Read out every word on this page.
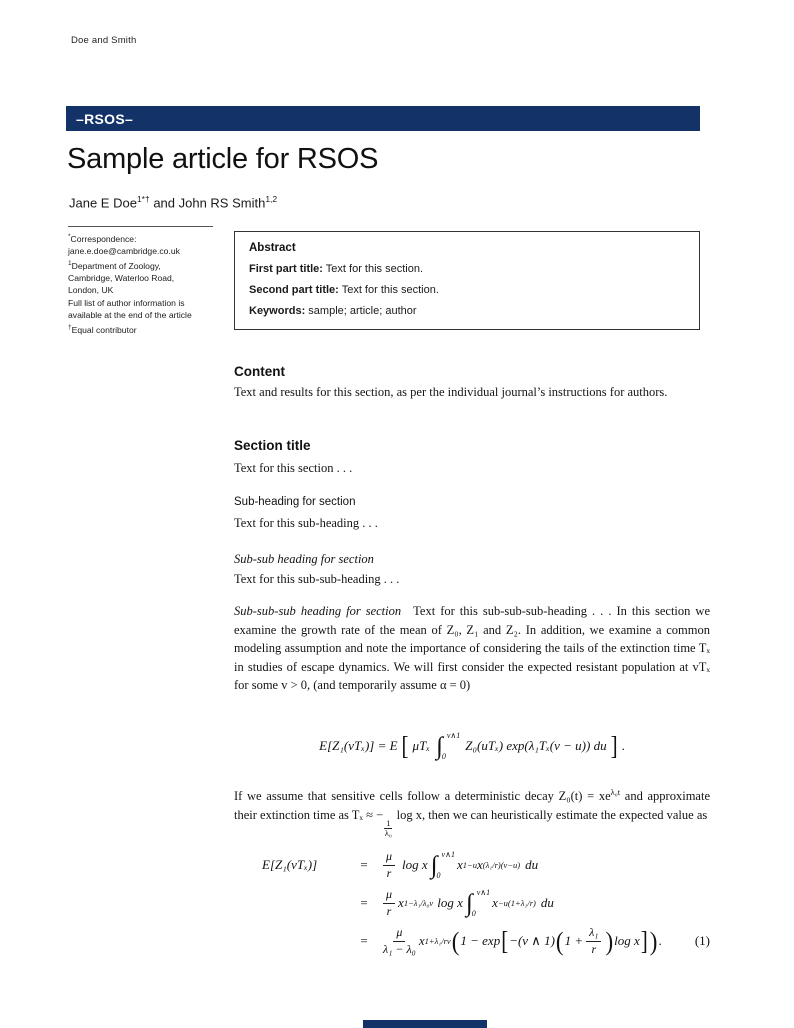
Doe and Smith
–RSOS–
Sample article for RSOS
Jane E Doe$^{1*\dagger}$ and John RS Smith$^{1,2}$
*Correspondence:
jane.e.doe@cambridge.co.uk
$^1$Department of Zoology,
Cambridge, Waterloo Road,
London, UK
Full list of author information is
available at the end of the article
†Equal contributor
Abstract
First part title: Text for this section.
Second part title: Text for this section.
Keywords: sample; article; author
Content

Text and results for this section, as per the individual journal’s instructions for authors.

Section title

Text for this section . . .

Sub-heading for section

Text for this sub-heading . . .

Sub-sub heading for section

Text for this sub-sub-heading . . .

Sub-sub-sub heading for section Text for this sub-sub-sub-heading . . . In this section we examine the growth rate of the mean of Z₀, Z₁ and Z₂. In addition, we examine a common modeling assumption and note the importance of considering the tails of the extinction time Tₓ in studies of escape dynamics. We will first consider the expected resistant population at vTₓ for some v > 0, (and temporarily assume α = 0)

E[Z₁(vTₓ)] = E [ μTₓ ∫ v∧1
0
Z₀(uTₓ) exp(λ₁Tₓ(v − u)) du ] .

If we assume that sensitive cells follow a deterministic decay $Z_0(t) = xe^{\lambda_0t}$ and approximate their extinction time as Tₓ ≈ −
$\frac{1}{\text{λ₀}}$
log x, then we can heuristically estimate the expected value as

E[Z₁(vTₓ)]	=	$\frac{\mu}{r}$ log x ∫ v∧1
0
x 1−u x (λ₁/r)(v−u) du
=	$\frac{\mu}{r}$ x 1−λ₁/λ₀v log x ∫ v∧1
0
x −u(1+λ₁/r) du
=	$\frac{\mu}{\text{λ₁ − λ₀}}$ x 1+λ₁/rv ( 1 − exp [ −(v ∧ 1) ( $1 + \frac{\text{λ₁}}{r}$ ) log x ] ) .	(1)
